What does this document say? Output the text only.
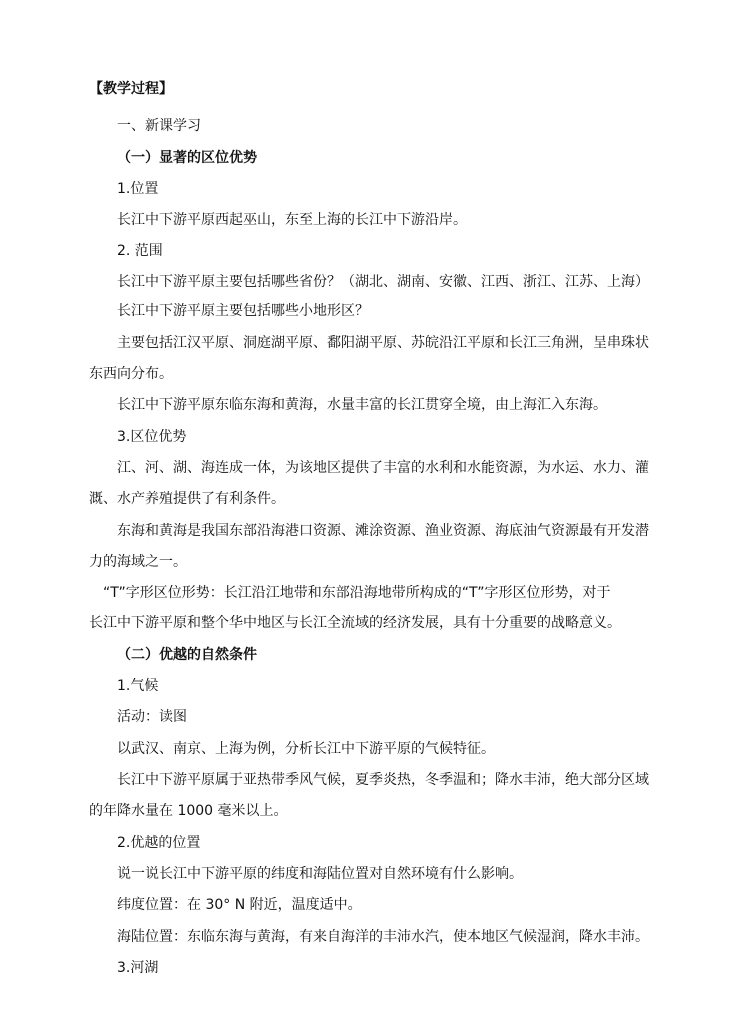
【教学过程】
一、新课学习
（一）显著的区位优势
1.位置
长江中下游平原西起巫山，东至上海的长江中下游沿岸。
2. 范围
长江中下游平原主要包括哪些省份？（湖北、湖南、安徽、江西、浙江、江苏、上海）
长江中下游平原主要包括哪些小地形区？
主要包括江汉平原、洞庭湖平原、鄱阳湖平原、苏皖沿江平原和长江三角洲，呈串珠状
东西向分布。
长江中下游平原东临东海和黄海，水量丰富的长江贯穿全境，由上海汇入东海。
3.区位优势
江、河、湖、海连成一体，为该地区提供了丰富的水利和水能资源，为水运、水力、灌
溉、水产养殖提供了有利条件。
东海和黄海是我国东部沿海港口资源、滩涂资源、渔业资源、海底油气资源最有开发潜
力的海域之一。
“T”字形区位形势：长江沿江地带和东部沿海地带所构成的“T”字形区位形势，对于
长江中下游平原和整个华中地区与长江全流域的经济发展，具有十分重要的战略意义。
（二）优越的自然条件
1.气候
活动：读图
以武汉、南京、上海为例，分析长江中下游平原的气候特征。
长江中下游平原属于亚热带季风气候，夏季炎热，冬季温和；降水丰沛，绝大部分区域
的年降水量在 1000 毫米以上。
2.优越的位置
说一说长江中下游平原的纬度和海陆位置对自然环境有什么影响。
纬度位置：在 30° N 附近，温度适中。
海陆位置：东临东海与黄海，有来自海洋的丰沛水汽，使本地区气候湿润，降水丰沛。
3.河湖
